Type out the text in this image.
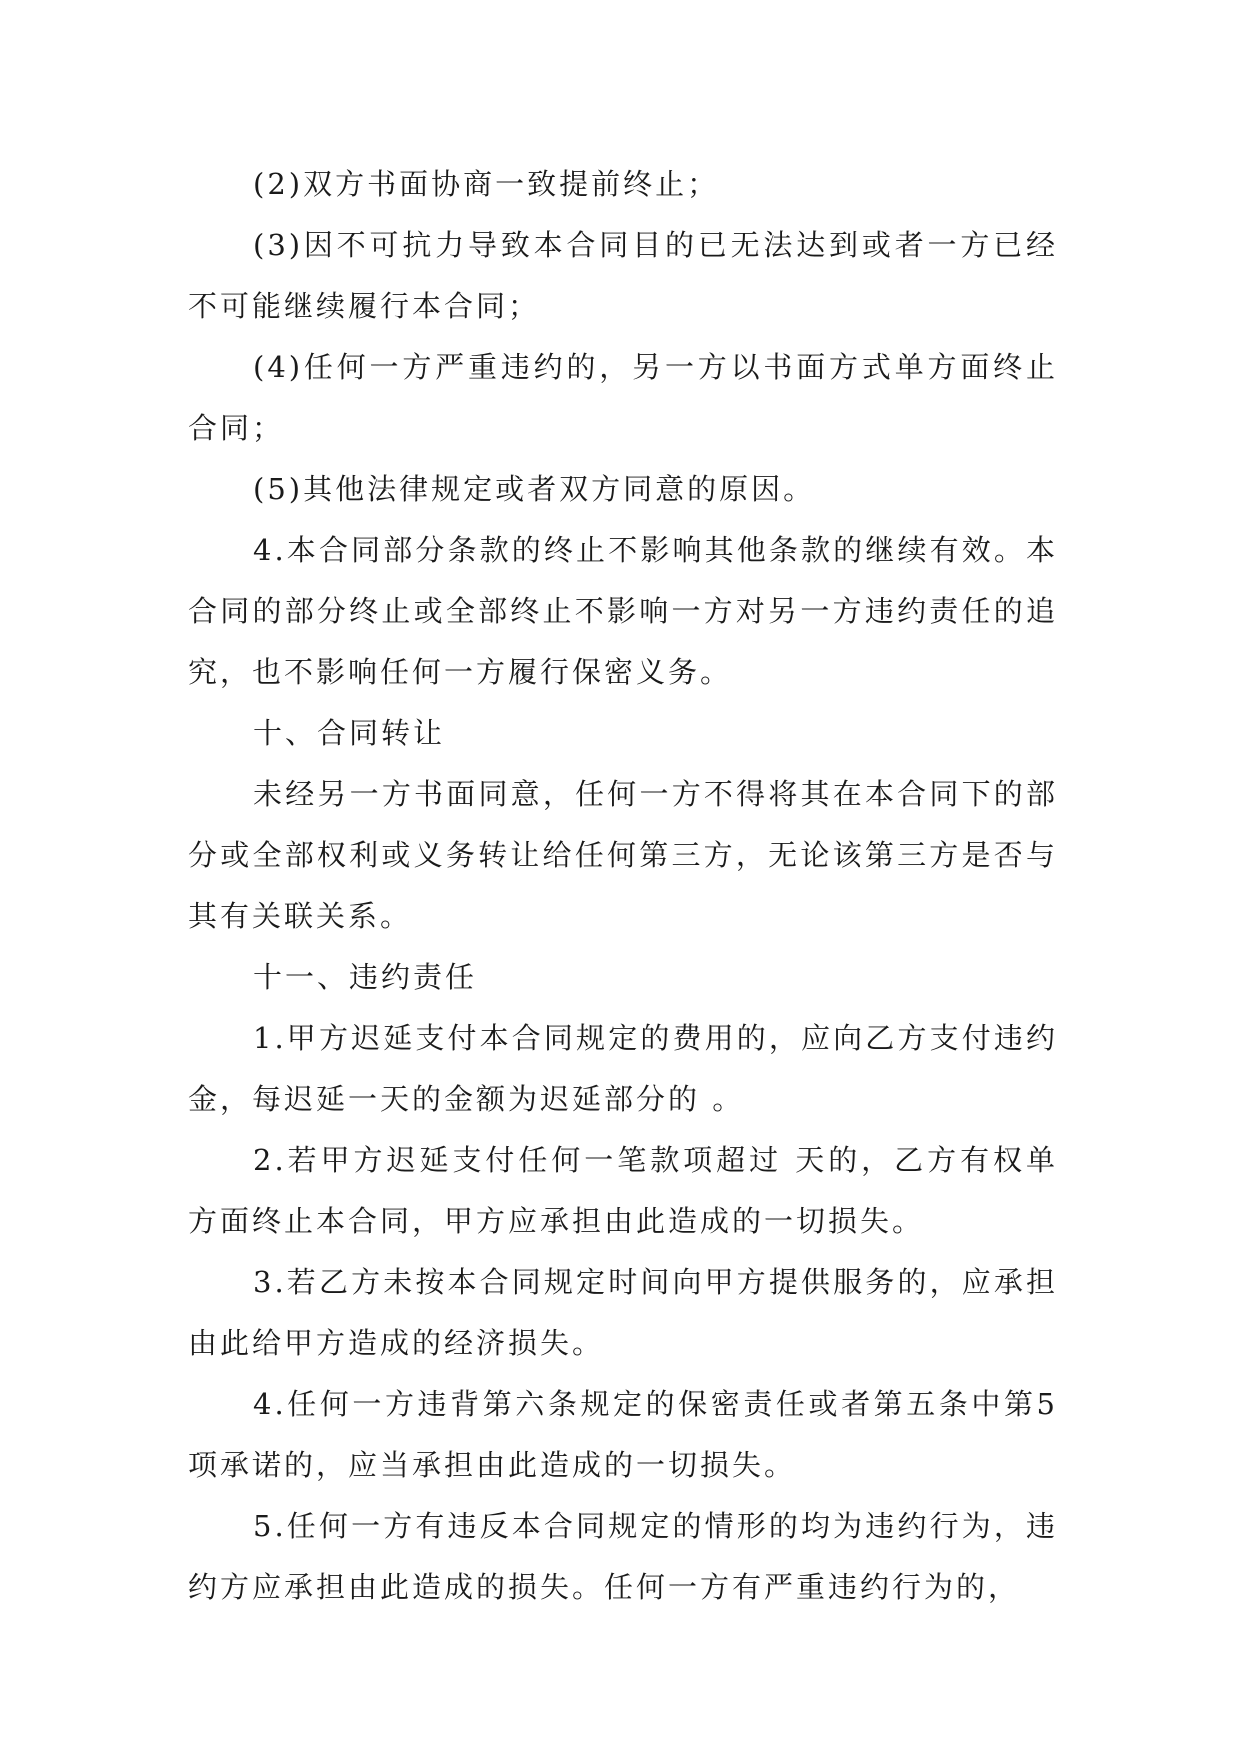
(2)双方书面协商一致提前终止；

(3)因不可抗力导致本合同目的已无法达到或者一方已经不可能继续履行本合同；

(4)任何一方严重违约的，另一方以书面方式单方面终止合同；

(5)其他法律规定或者双方同意的原因。

4.本合同部分条款的终止不影响其他条款的继续有效。本合同的部分终止或全部终止不影响一方对另一方违约责任的追究，也不影响任何一方履行保密义务。

十、合同转让

未经另一方书面同意，任何一方不得将其在本合同下的部分或全部权利或义务转让给任何第三方，无论该第三方是否与其有关联关系。

十一、违约责任

1.甲方迟延支付本合同规定的费用的，应向乙方支付违约金，每迟延一天的金额为迟延部分的 。

2.若甲方迟延支付任何一笔款项超过 天的，乙方有权单方面终止本合同，甲方应承担由此造成的一切损失。

3.若乙方未按本合同规定时间向甲方提供服务的，应承担由此给甲方造成的经济损失。

4.任何一方违背第六条规定的保密责任或者第五条中第5项承诺的，应当承担由此造成的一切损失。

5.任何一方有违反本合同规定的情形的均为违约行为，违约方应承担由此造成的损失。任何一方有严重违约行为的，
